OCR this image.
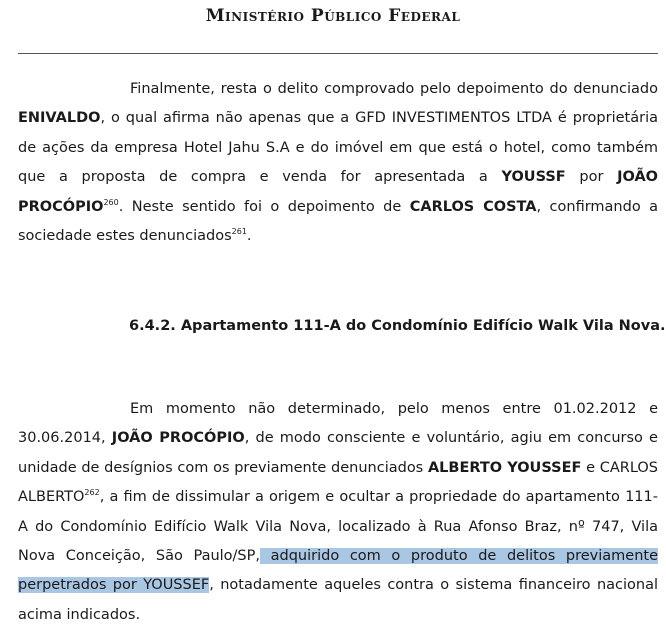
Ministério Público Federal

Finalmente, resta o delito comprovado pelo depoimento do denunciado ENIVALDO, o qual afirma não apenas que a GFD INVESTIMENTOS LTDA é proprietária de ações da empresa Hotel Jahu S.A e do imóvel em que está o hotel, como também que a proposta de compra e venda for apresentada a YOUSSF por JOÃO PROCÓPIO$^{260}$. Neste sentido foi o depoimento de CARLOS COSTA, confirmando a sociedade estes denunciados$^{261}$.

6.4.2. Apartamento 111-A do Condomínio Edifício Walk Vila Nova.

Em momento não determinado, pelo menos entre 01.02.2012 e 30.06.2014, JOÃO PROCÓPIO, de modo consciente e voluntário, agiu em concurso e unidade de desígnios com os previamente denunciados ALBERTO YOUSSEF e CARLOS ALBERTO$^{262}$, a fim de dissimular a origem e ocultar a propriedade do apartamento 111-A do Condomínio Edifício Walk Vila Nova, localizado à Rua Afonso Braz, nº 747, Vila Nova Conceição, São Paulo/SP, adquirido com o produto de delitos previamente perpetrados por YOUSSEF, notadamente aqueles contra o sistema financeiro nacional acima indicados.
